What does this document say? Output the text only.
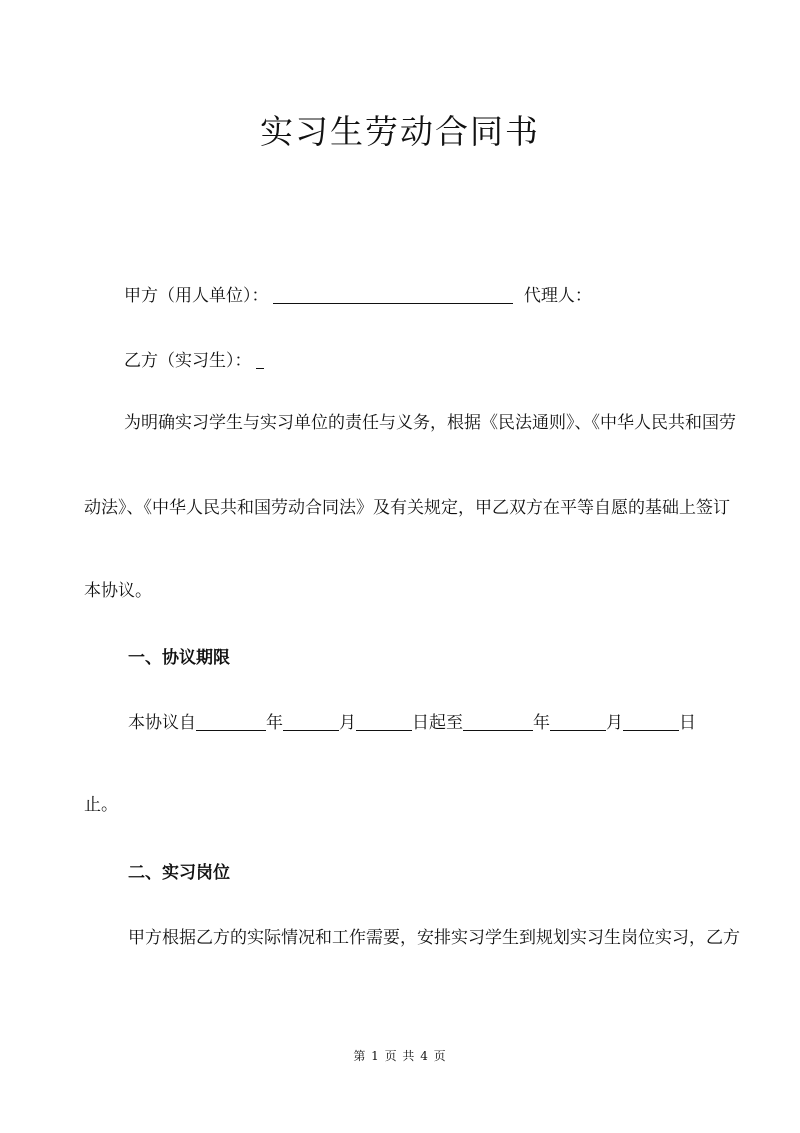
实习生劳动合同书
甲方（用人单位）：	代理人：
乙方（实习生）：
为明确实习学生与实习单位的责任与义务，根据《民法通则》、《中华人民共和国劳
动法》、《中华人民共和国劳动合同法》及有关规定，甲乙双方在平等自愿的基础上签订
本协议。
一、协议期限
本协议自	年	月	日起至	年	月	日
止。
二、实习岗位
甲方根据乙方的实际情况和工作需要，安排实习学生到规划实习生岗位实习，乙方
第 1 页 共 4 页
